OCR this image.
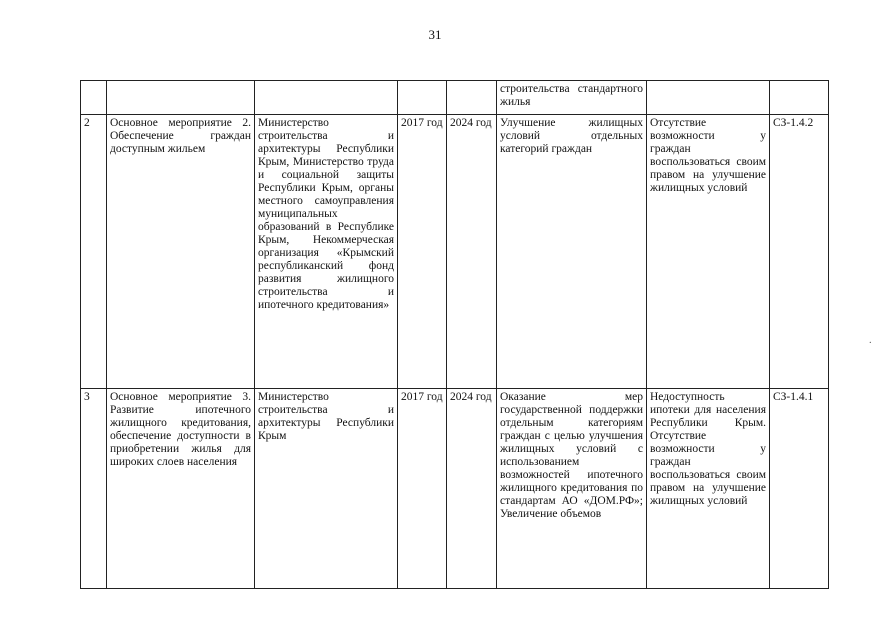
31
					строительства стандартного жилья		
2	Основное мероприятие 2. Обеспечение граждан доступным жильем	Министерство строительства и архитектуры Республики Крым, Министерство труда и социальной защиты Республики Крым, органы местного самоуправления муниципальных образований в Республике Крым, Некоммерческая организация «Крымский республиканский фонд развития жилищного строительства и ипотечного кредитования»	2017 год	2024 год	Улучшение жилищных условий отдельных категорий граждан	Отсутствие возможности у граждан воспользоваться своим правом на улучшение жилищных условий	СЗ-1.4.2
3	Основное мероприятие 3. Развитие ипотечного жилищного кредитования, обеспечение доступности в приобретении жилья для широких слоев населения	Министерство строительства и архитектуры Республики Крым	2017 год	2024 год	Оказание мер государственной поддержки отдельным категориям граждан с целью улучшения жилищных условий с использованием возможностей ипотечного жилищного кредитования по стандартам АО «ДОМ.РФ»; Увеличение объемов	Недоступность ипотеки для населения Республики Крым. Отсутствие возможности у граждан воспользоваться своим правом на улучшение жилищных условий	СЗ-1.4.1
·
